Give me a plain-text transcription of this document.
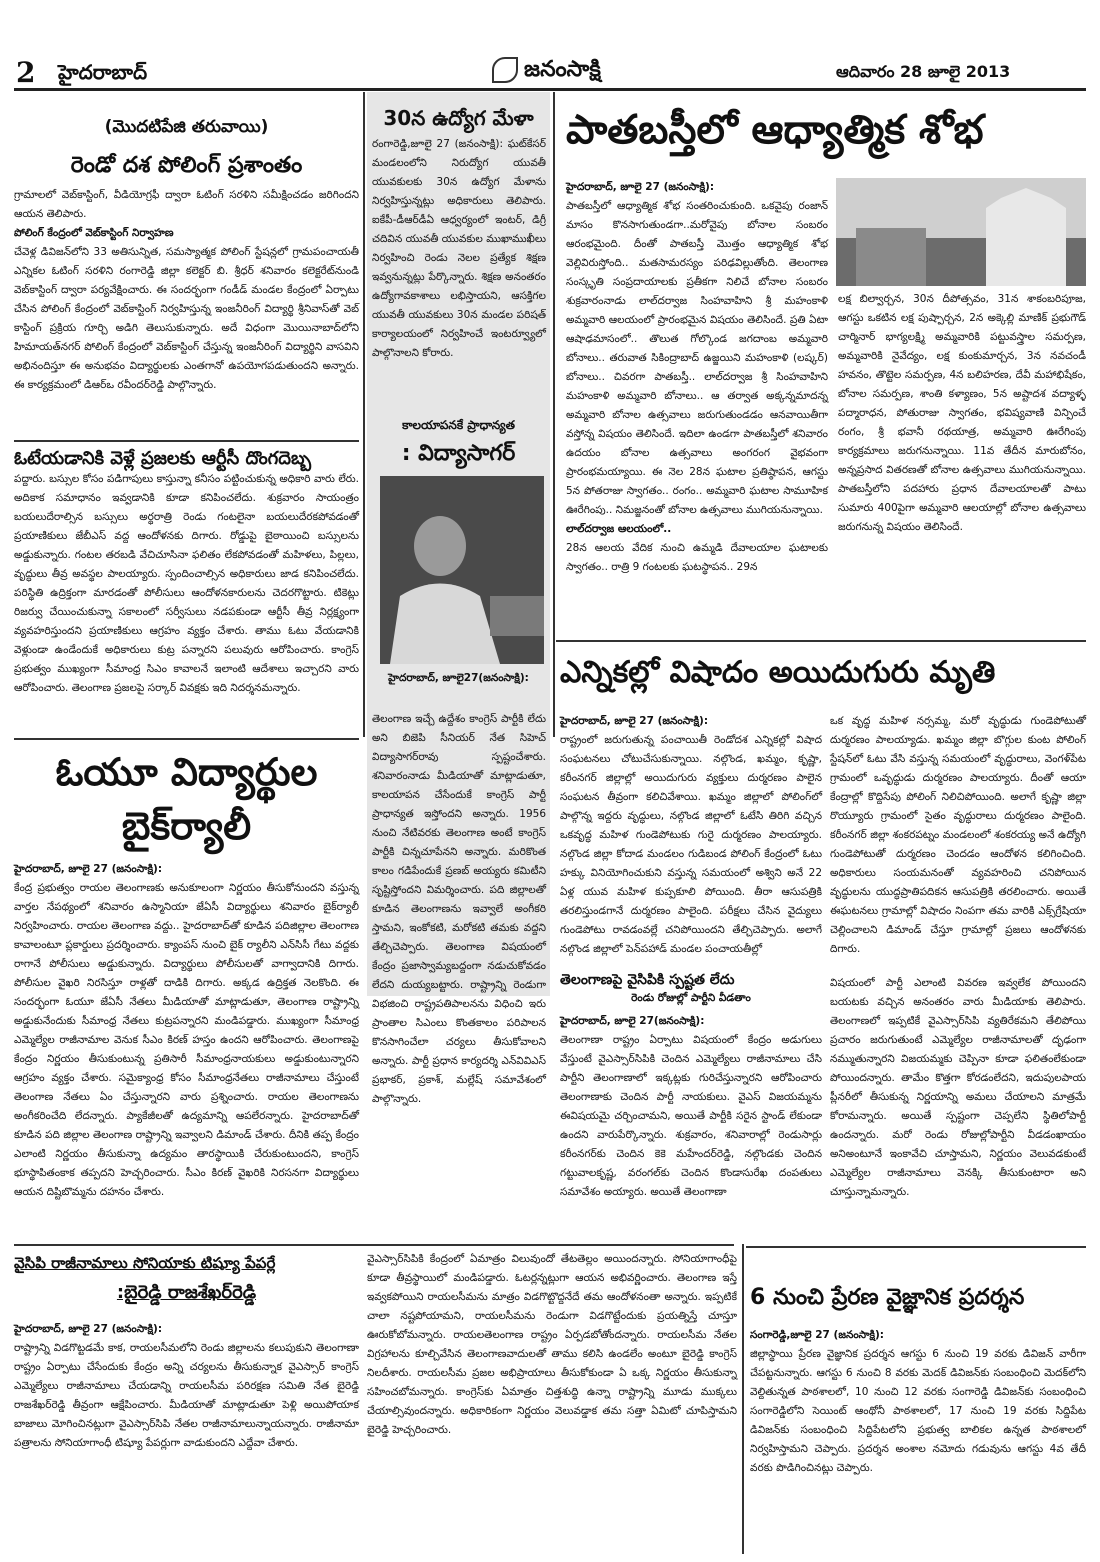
2 హైదరాబాద్	జనంసాక్షి	ఆదివారం 28 జూలై 2013
(మొదటిపేజి తరువాయి)
రెండో దశ పోలింగ్ ప్రశాంతం

గ్రామాలలో వెబ్‌కాస్టింగ్, వీడియోగ్రఫీ ద్వారా ఓటింగ్ సరళిని సమీక్షించడం జరిగిందని ఆయన తెలిపారు.

పోలింగ్ కేంద్రంలో వెబ్‌కాస్టింగ్ నిర్వాహణ

చేవెళ్ల డివిజన్‌లోని 33 అతిసున్నిత, సమస్యాత్మక పోలింగ్ స్టేషన్లలో గ్రామపంచాయతీ ఎన్నికల ఓటింగ్ సరళిని రంగారెడ్డి జిల్లా కలెక్టర్ బి. శ్రీధర్ శనివారం కలెక్టరేట్‌నుండి వెబ్‌కాస్టింగ్ ద్వారా పర్యవేక్షించారు. ఈ సందర్భంగా గండీడ్ మండల కేంద్రంలో ఏర్పాటు చేసిన పోలింగ్ కేంద్రంలో వెబ్‌కాస్టింగ్ నిర్వహిస్తున్న ఇంజనీరింగ్ విద్యార్థి శ్రీనివాస్‌తో వెబ్ కాస్టింగ్ ప్రక్రియ గూర్చి అడిగి తెలుసుకున్నారు. అదే విధంగా మొయినాబాద్‌లోని హిమాయత్‌నగర్ పోలింగ్ కేంద్రంలో వెబ్‌కాస్టింగ్ చేస్తున్న ఇంజనీరింగ్ విద్యార్థిని వాసవిని అభినందిస్తూ ఈ అనుభవం విద్యార్థులకు ఎంతగానో ఉపయోగపడుతుందని అన్నారు. ఈ కార్యక్రమంలో డిఆర్‌ఒ రవీందర్‌రెడ్డి పాల్గొన్నారు.

ఓటేయడానికి వెళ్లే ప్రజలకు ఆర్టీసీ దొంగదెబ్బ

పద్దారు. బస్సుల కోసం పడిగాపులు కాస్తున్నా కనీసం పట్టించుకున్న అధికారి వారు లేరు. అదికాక సమాధానం ఇవ్వడానికి కూడా కనిపించలేదు. శుక్రవారం సాయంత్రం బయలుదేరాల్సిన బస్సులు అర్థరాత్రి రెండు గంటలైనా బయలుదేరకపోవడంతో ప్రయాణికులు జేబీఎస్ వద్ద ఆందోళనకు దిగారు. రోడ్డుపై బైఠాయించి బస్సులను అడ్డుకున్నారు. గంటల తరబడి వేచిచూసినా ఫలితం లేకపోవడంతో మహిళలు, పిల్లలు, వృద్ధులు తీవ్ర అవస్థల పాలయ్యారు. స్పందించాల్సిన అధికారులు జాడ కనిపించలేదు. పరిస్థితి ఉద్రిక్తంగా మారడంతో పోలీసులు ఆందోళనకారులను చెదరగొట్టారు. టికెట్లు రిజర్వు చేయించుకున్నా సకాలంలో సర్వీసులు నడపకుండా ఆర్టీసీ తీవ్ర నిర్లక్ష్యంగా వ్యవహరిస్తుందని ప్రయాణికులు ఆగ్రహం వ్యక్తం చేశారు. తాము ఓటు వేయడానికి వెళ్లుండా ఉండేందుకే అధికారులు కుట్ర పన్నారని పలువురు ఆరోపించారు. కాంగ్రెస్ ప్రభుత్వం ముఖ్యంగా సీమాంధ్ర సిఎం కావాలనే ఇలాంటి ఆదేశాలు ఇచ్చారని వారు ఆరోపించారు. తెలంగాణ ప్రజలపై సర్కార్ వివక్షకు ఇది నిదర్శనమన్నారు.

30న ఉద్యోగ మేళా

రంగారెడ్డి,జూలై 27 (జనంసాక్షి): ఘట్‌కేసర్ మండలంలోని నిరుద్యోగ యువతీ యువకులకు 30న ఉద్యోగ మేళాను నిర్వహిస్తున్నట్లు అధికారులు తెలిపారు. ఐకేపీ-డీఆర్‌డీఏ ఆధ్వర్యంలో ఇంటర్, డిగ్రీ చదివిన యువతీ యువకుల ముఖాముఖీలు నిర్వహించి రెండు నెలల ప్రత్యేక శిక్షణ ఇవ్వనున్నట్లు పేర్కొన్నారు. శిక్షణ అనంతరం ఉద్యోగావకాశాలు లభిస్తాయని, ఆసక్తిగల యువతీ యువకులు 30న మండల పరిషత్ కార్యాలయంలో నిర్వహించే ఇంటర్వ్యూలో పాల్గొనాలని కోరారు.

కాలయాపనకే ప్రాధాన్యత
: విద్యాసాగర్
హైదరాబాద్, జూలై27(జనంసాక్షి):

తెలంగాణ ఇచ్చే ఉద్దేశం కాంగ్రెస్ పార్టీకి లేదు అని బిజెపి సీనియర్ నేత సిహెచ్ విద్యాసాగర్‌రావు స్పష్టంచేశారు. శనివారంనాడు మీడియాతో మాట్లాడుతూ, కాలయాపన చేసేందుకే కాంగ్రెస్ పార్టీ ప్రాధాన్యత ఇస్తోందని అన్నారు. 1956 నుంచి నేటివరకు తెలంగాణ అంటే కాంగ్రెస్ పార్టీకి చిన్నచూపేనని అన్నారు. మరికొంత కాలం గడిపేందుకే ప్రణబ్ అయ్యరు కమిటీని సృష్టిస్తోందని విమర్శించారు. పది జిల్లాలతో కూడిన తెలంగాణను ఇవ్వాలే అంగీకరి స్తామని, ఇంకోకటి, మరోకటి తమకు వద్దని తేల్చిచెప్పారు. తెలంగాణ విషయంలో కేంద్రం ప్రజాస్వామ్యబద్దంగా నడుచుకోవడం లేదని దుయ్యబట్టారు. రాష్ట్రాన్ని రెండుగా విభజించి రాష్ట్రపతిపాలనను విధించి ఇరు ప్రాంతాల సిఎంలు కొంతకాలం పరిపాలన కొనసాగించేలా చర్యలు తీసుకోవాలని అన్నారు. పార్టీ ప్రధాన కార్యదర్శి ఎన్‌వివిఎస్ ప్రభాకర్, ప్రకాశ్, మల్లేష్ సమావేశంలో పాల్గొన్నారు.

పాతబస్తీలో ఆధ్యాత్మిక శోభ

హైదరాబాద్, జూలై 27 (జనంసాక్షి):

పాతబస్తీలో ఆధ్యాత్మిక శోభ సంతరించుకుంది. ఒకవైపు రంజాన్ మాసం కొనసాగుతుండగా..మరోవైపు బోనాల సంబరం ఆరంభమైంది. దీంతో పాతబస్తీ మొత్తం ఆధ్యాత్మిక శోభ వెల్లివిరుస్తోంది.. మతసామరస్యం పరిఢవిల్లుతోంది. తెలంగాణ సంస్కృతి సంప్రదాయాలకు ప్రతీకగా నిలిచే బోనాల సంబరం శుక్రవారంనాడు లాల్‌దర్వాజ సింహవాహిని శ్రీ మహంకాళి అమ్మవారి ఆలయంలో ప్రారంభమైన విషయం తెలిసిందే. ప్రతి ఏటా ఆషాఢమాసంలో.. తొలుత గోల్కొండ జగదాంబ అమ్మవారి బోనాలు.. తరువాత సికింద్రాబాద్ ఉజ్జయిని మహంకాళి (లష్కర్) బోనాలు.. చివరగా పాతబస్తీ.. లాల్‌దర్వాజ శ్రీ సింహవాహిని మహంకాళి అమ్మవారి బోనాలు.. ఆ తర్వాత అక్కన్నమాదన్న అమ్మవారి బోనాల ఉత్సవాలు జరుగుతుండడం ఆనవాయితీగా వస్తోన్న విషయం తెలిసిందే. ఇదిలా ఉండగా పాతబస్తీలో శనివారం ఉదయం బోనాల ఉత్సవాలు అంగరంగ వైభవంగా ప్రారంభమయ్యాయి. ఈ నెల 28న ఘటాల ప్రతిష్ఠాపన, ఆగస్టు 5న పోతరాజు స్వాగతం.. రంగం.. అమ్మవారి ఘటాల సామూహిక ఊరేగింపు.. నిమజ్జనంతో బోనాల ఉత్సవాలు ముగియనున్నాయి.

లాల్‌దర్వాజ ఆలయంలో..

28న ఆలయ వేదిక నుంచి ఉమ్మడి దేవాలయాల ఘటాలకు స్వాగతం.. రాత్రి 9 గంటలకు ఘటస్థాపన.. 29న

లక్ష బిల్వార్చన, 30న దీపోత్సవం, 31న శాకంబరిపూజ, ఆగస్టు ఒకటిన లక్ష పుష్పార్చన, 2న అక్కెల్లి మాణిక్ ప్రభుగౌడ్ చార్మినార్ భాగ్యలక్ష్మి అమ్మవారికి పట్టువస్త్రాల సమర్పణ, అమ్మవారికి నైవేద్యం, లక్ష కుంకుమార్చన, 3న నవచండీ హవనం, తొట్టెల సమర్పణ, 4న బలిహరణ, దేవీ మహాభిషేకం, బోనాల సమర్పణ, శాంతి కళ్యాణం, 5న అష్టాదశ వద్యాళ్ళ పద్మారాధన, పోతురాజు స్వాగతం, భవిష్యవాణి విన్పించే రంగం, శ్రీ భవానీ రథయాత్ర, అమ్మవారి ఊరేగింపు కార్యక్రమాలు జరుగనున్నాయి. 11వ తేదీన మారుబోనం, అన్నప్రసాద వితరణతో బోనాల ఉత్సవాలు ముగియనున్నాయి. పాతబస్తీలోని పదహారు ప్రధాన దేవాలయాలతో పాటు సుమారు 400పైగా అమ్మవారి ఆలయాల్లో బోనాల ఉత్సవాలు జరుగనున్న విషయం తెలిసిందే.

ఎన్నికల్లో విషాదం అయిదుగురు మృతి

హైదరాబాద్, జూలై 27 (జనంసాక్షి):

రాష్ట్రంలో జరుగుతున్న పంచాయితీ రెండోదశ ఎన్నికల్లో విషాద సంఘటనలు చోటుచేసుకున్నాయి. నల్గొండ, ఖమ్మం, కృష్ణా, కరీంనగర్ జిల్లాల్లో అయిదుగురు వ్యక్తులు దుర్మరణం పాలైన సంఘటన తీవ్రంగా కలిచివేశాయి. ఖమ్మం జిల్లాలో పోలింగ్‌లో పాల్గొన్న ఇద్దరు వృద్ధులు, నల్గొండ జిల్లాలో ఓటేసి తిరిగి వచ్చిన ఒకవృద్ధ మహిళ గుండెపోటుకు గురై దుర్మరణం పాలయ్యారు. నల్గొండ జిల్లా కోదాడ మండలం గుడిబండ పోలింగ్ కేంద్రంలో ఓటు హక్కు వినియోగించుకుని వస్తున్న సమయంలో అశ్విని అనే 22 ఏళ్ల యువ మహిళ కుప్పకూలి పోయింది. తీరా ఆసుపత్రికి తరలిస్తుండగానే దుర్మరణం పాలైంది. పరీక్షలు చేసిన వైద్యులు గుండెపోటు రావడంవల్లే చనిపోయిందని తేల్చిచెప్పారు. అలాగే నల్గొండ జిల్లాలో పెన్‌పహాడ్ మండల పంచాయతీల్లో

ఒక వృద్ధ మహిళ నర్సమ్మ, మరో వృద్ధుడు గుండెపోటుతో దుర్మరణం పాలయ్యాడు. ఖమ్మం జిల్లా బొగ్గుల కుంట పోలింగ్ స్టేషన్‌లో ఓటు వేసి వస్తున్న సమయంలో వృద్ధురాలు, వెంగళ్‌పేట గ్రామంలో ఒవృద్ధుడు దుర్మరణం పాలయ్యారు. దీంతో ఆయా కేంద్రాల్లో కొద్దిసేపు పోలింగ్ నిలిచిపోయింది. అలాగే కృష్ణా జిల్లా రొయ్యూరు గ్రామంలో సైతం వృద్ధురాలు దుర్మరణం పాలైంది. కరీంనగర్ జిల్లా శంకరపట్నం మండలంలో శంకరయ్య అనే ఉద్యోగి గుండెపోటుతో దుర్మరణం చెందడం ఆందోళన కలిగించింది. అధికారులు సంయమనంతో వ్యవహరించి చనిపోయిన వృద్ధులను యుద్ధప్రాతిపదికన ఆసుపత్రికి తరలించారు. అయితే ఈఘటనలు గ్రామాల్లో విషాదం నింపగా తమ వారికి ఎక్స్‌గ్రేషియా చెల్లించాలని డిమాండ్ చేస్తూ గ్రామాల్లో ప్రజలు ఆందోళనకు దిగారు.

తెలంగాణపై వైసిపికి స్పష్టత లేదు
రెండు రోజుల్లో పార్టీని వీడతాం

హైదరాబాద్, జూలై 27(జనంసాక్షి):

తెలంగాణా రాష్ట్రం ఏర్పాటు విషయంలో కేంద్రం అడుగులు వేస్తుంటే వైఎస్సార్‌సిపికి చెందిన ఎమ్మెల్యేలు రాజీనామాలు చేసి పార్టీని తెలంగాణాలో ఇక్కట్లకు గురిచేస్తున్నారని ఆరోపించారు తెలంగాణాకు చెందిన పార్టీ నాయకులు. వైఎస్ విజయమ్మను ఈవిషయమై చర్చించామని, అయితే పార్టీకి సరైన స్టాండ్ లేకుండా ఉందని వారుపేర్కొన్నారు. శుక్రవారం, శనివారాల్లో రెండుసార్లు కరీంనగర్‌కు చెందిన కెకె మహేందర్‌రెడ్డి, నల్గొండకు చెందిన గట్టువాలకృష్ణ, వరంగల్‌కు చెందిన కొండాసురేఖ దంపతులు సమావేశం అయ్యారు. అయితే తెలంగాణా

విషయంలో పార్టీ ఎలాంటి వివరణ ఇవ్వలేక పోయిందని బయటకు వచ్చిన అనంతరం వారు మీడియాకు తెలిపారు. తెలంగాణలో ఇప్పటికే వైఎస్సార్‌సిపి వ్యతిరేకమని తేలిపోయి ప్రచారం జరుగుతుంటే ఎమ్మెల్యేల రాజీనామాలతో దృఢంగా నమ్ముతున్నారని విజయమ్మకు చెప్పినా కూడా ఫలితంలేకుండా పోయిందన్నారు. తామేం కొత్తగా కోరడంలేదని, ఇదుపులపాయ ప్లీనరీలో తీసుకున్న నిర్ణయాన్ని అమలు చేయాలని మాత్రమే కోరామన్నారు. అయితే స్పష్టంగా చెప్పలేని స్థితిలోపార్టీ ఉందన్నారు. మరో రెండు రోజుల్లోపార్టీని వీడడంఖాయం అనిఅంటూనే ఇంకావేచి చూస్తామని, నిర్ణయం వెలువడకుంటే ఎమ్మెల్యేల రాజీనామాలు వెనక్కి తీసుకుంటారా అని చూస్తున్నామన్నారు.

ఓయూ విద్యార్థుల
బైక్‌ర్యాలీ

హైదరాబాద్, జూలై 27 (జనంసాక్షి):

కేంద్ర ప్రభుత్వం రాయల తెలంగాణకు అనుకూలంగా నిర్ణయం తీసుకోనుందని వస్తున్న వార్తల నేపథ్యంలో శనివారం ఉస్మానియా జేఏసీ విద్యార్థులు శనివారం బైక్‌ర్యాలీ నిర్వహించారు. రాయల తెలంగాణ వద్దు.. హైదరాబాద్‌తో కూడిన పదిజిల్లాల తెలంగాణ కావాలంటూ ప్లకార్డులు ప్రదర్శించారు. క్యాంపస్ నుంచి బైక్ ర్యాలీని ఎన్‌సిసీ గేటు వద్దకు రాగానే పోలీసులు అడ్డుకున్నారు. విద్యార్థులు పోలీసులతో వాగ్వాదానికి దిగారు. పోలీసుల వైఖరి నిరసిస్తూ రాళ్లతో దాడికి దిగారు. అక్కడ ఉద్రిక్తత నెలకొంది. ఈ సందర్భంగా ఓయూ జేఏసీ నేతలు మీడియాతో మాట్లాడుతూ, తెలంగాణ రాష్ట్రాన్ని అడ్డుకునేందుకు సీమాంధ్ర నేతలు కుట్రపన్నారని మండిపడ్డారు. ముఖ్యంగా సీమాంధ్ర ఎమ్మెల్యేల రాజీనామాల వెనుక సీఎం కిరణ్ హస్తం ఉందని ఆరోపించారు. తెలంగాణపై కేంద్రం నిర్ణయం తీసుకుంటున్న ప్రతిసారీ సీమాంధ్రనాయకులు అడ్డుకుంటున్నారని ఆగ్రహం వ్యక్తం చేశారు. సమైక్యాంధ్ర కోసం సీమాంధ్రనేతలు రాజీనామాలు చేస్తుంటే తెలంగాణ నేతలు ఏం చేస్తున్నారని వారు ప్రశ్నించారు. రాయల తెలంగాణను అంగీకరించేది లేదన్నారు. ప్యాకేజీలతో ఉద్యమాన్ని ఆపలేరన్నారు. హైదరాబాద్‌తో కూడిన పది జిల్లాల తెలంగాణ రాష్ట్రాన్ని ఇవ్వాలని డిమాండ్ చేశారు. దీనికి తప్ప కేంద్రం ఎలాంటి నిర్ణయం తీసుకున్నా ఉద్యమం తారస్థాయికి చేరుకుంటుందని, కాంగ్రెస్ భూస్థాపితంకాక తప్పదని హెచ్చరించారు. సీఎం కిరణ్ వైఖరికి నిరసనగా విద్యార్థులు ఆయన దిష్టిబొమ్మను దహనం చేశారు.

వైసిపి రాజీనామాలు సోనియాకు టిష్యూ పేపర్లే
:బైరెడ్డి రాజశేఖర్‌రెడ్డి

హైదరాబాద్, జూలై 27 (జనంసాక్షి):

రాష్ట్రాన్ని విడగొట్టడమే కాక, రాయలసీమలోని రెండు జిల్లాలను కలుపుకుని తెలంగాణా రాష్ట్రం ఏర్పాటు చేసేందుకు కేంద్రం అన్ని చర్యలను తీసుకున్నాక వైఎస్సార్ కాంగ్రెస్ ఎమ్మెల్యేలు రాజీనామాలు చేయడాన్ని రాయలసీమ పరిరక్షణ సమితి నేత బైరెడ్డి రాజశేఖర్‌రెడ్డి తీవ్రంగా ఆక్షేపించారు. మీడియాతో మాట్లాడుతూ పెళ్లి అయిపోయాక బాజాలు మోగించినట్లుగా వైఎస్సార్‌సిపి నేతల రాజీనామాలున్నాయన్నారు. రాజీనామా పత్రాలను సోనియాగాంధీ టిష్యూ పేపర్లుగా వాడుకుందని ఎద్దేవా చేశారు.

వైఎస్సార్‌సిపికి కేంద్రంలో ఏమాత్రం విలువుందో తేటతెల్లం అయిందన్నారు. సోనియాగాంధీపై కూడా తీవ్రస్థాయిలో మండిపడ్డారు. ఓటర్లన్నట్లుగా ఆయన అభివర్ణించారు. తెలంగాణ ఇస్తే ఇవ్వకపోయిని రాయలసీమను మాత్రం విడగొట్టొద్దనేదే తమ ఆందోళనంతా అన్నారు. ఇప్పటికే చాలా నష్టపోయామని, రాయలసీమను రెండుగా విడగొట్టేందుకు ప్రయత్నిస్తే చూస్తూ ఊరుకోబోమన్నారు. రాయలతెలంగాణ రాష్ట్రం ఏర్పడబోతోందన్నారు. రాయలసీమ నేతల విగ్రహాలను కూల్చివేసిన తెలంగాణవాదులతో తాము కలిసి ఉండలేం అంటూ బైరెడ్డి కాంగ్రెస్ నిలదీశారు. రాయలసీమ ప్రజల అభిప్రాయాలు తీసుకోకుండా ఏ ఒక్క నిర్ణయం తీసుకున్నా సహించబోమన్నారు. కాంగ్రెస్‌కు ఏమాత్రం చిత్తశుద్ధి ఉన్నా రాష్ట్రాన్ని మూడు ముక్కలు చేయాల్సివుందన్నారు. అధికారికంగా నిర్ణయం వెలువడ్డాక తమ సత్తా ఏమిటో చూపిస్తామని బైరెడ్డి హెచ్చరించారు.

6 నుంచి ప్రేరణ వైజ్ఞానిక ప్రదర్శన

సంగారెడ్డి,జూలై 27 (జనంసాక్షి):

జిల్లాస్థాయి ప్రేరణ వైజ్ఞానిక ప్రదర్శన ఆగస్టు 6 నుంచి 19 వరకు డివిజన్ వారీగా చేపట్టనున్నారు. ఆగస్టు 6 నుంచి 8 వరకు మెదక్ డివిజన్‌కు సంబంధించి మెదక్‌లోని వెల్దితున్నత పాఠశాలలో, 10 నుంచి 12 వరకు సంగారెడ్డి డివిజన్‌కు సంబంధించి సంగారెడ్డిలోని సెయింట్ ఆంథోనీ పాఠశాలలో, 17 నుంచి 19 వరకు సిద్దిపేట డివిజన్‌కు సంబంధించి సిద్దిపేటలోని ప్రభుత్వ బాలికల ఉన్నత పాఠశాలలో నిర్వహిస్తామని చెప్పారు. ప్రదర్శన అంశాల నమోదు గడువును ఆగస్టు 4వ తేదీ వరకు పొడిగించినట్లు చెప్పారు.
